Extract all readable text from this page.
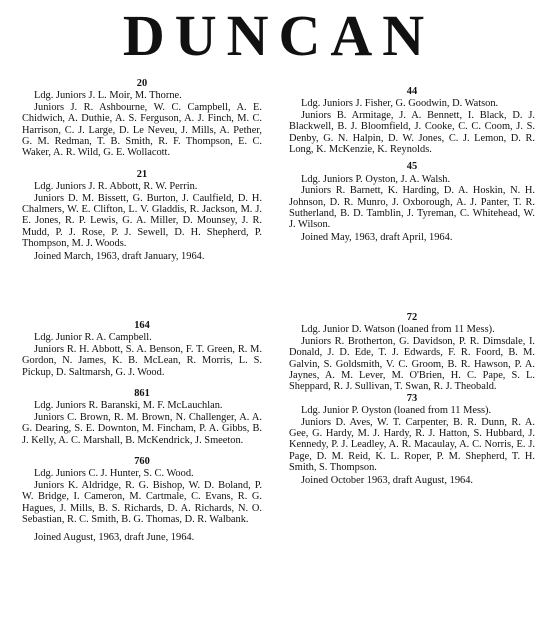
DUNCAN
20

Ldg. Juniors J. L. Moir, M. Thorne.

Juniors J. R. Ashbourne, W. C. Campbell, A. E. Chidwich, A. Duthie, A. S. Ferguson, A. J. Finch, M. C. Harrison, C. J. Large, D. Le Neveu, J. Mills, A. Pether, G. M. Redman, T. B. Smith, R. F. Thompson, E. C. Waker, A. R. Wild, G. E. Wollacott.

21

Ldg. Juniors J. R. Abbott, R. W. Perrin.

Juniors D. M. Bissett, G. Burton, J. Caulfield, D. H. Chalmers, W. E. Clifton, L. V. Gladdis, R. Jackson, M. J. E. Jones, R. P. Lewis, G. A. Miller, D. Mounsey, J. R. Mudd, P. J. Rose, P. J. Sewell, D. H. Shepherd, P. Thompson, M. J. Woods.

Joined March, 1963, draft January, 1964.

164

Ldg. Junior R. A. Campbell.

Juniors R. H. Abbott, S. A. Benson, F. T. Green, R. M. Gordon, N. James, K. B. McLean, R. Morris, L. S. Pickup, D. Saltmarsh, G. J. Wood.

861

Ldg. Juniors R. Baranski, M. F. McLauchlan.

Juniors C. Brown, R. M. Brown, N. Challenger, A. A. G. Dearing, S. E. Downton, M. Fincham, P. A. Gibbs, B. J. Kelly, A. C. Marshall, B. McKendrick, J. Smeeton.

760

Ldg. Juniors C. J. Hunter, S. C. Wood.

Juniors K. Aldridge, R. G. Bishop, W. D. Boland, P. W. Bridge, I. Cameron, M. Cartmale, C. Evans, R. G. Hagues, J. Mills, B. S. Richards, D. A. Richards, N. O. Sebastian, R. C. Smith, B. G. Thomas, D. R. Walbank.

Joined August, 1963, draft June, 1964.

44

Ldg. Juniors J. Fisher, G. Goodwin, D. Watson.

Juniors B. Armitage, J. A. Bennett, I. Black, D. J. Blackwell, B. J. Bloomfield, J. Cooke, C. C. Coom, J. S. Denby, G. N. Halpin, D. W. Jones, C. J. Lemon, D. R. Long, K. McKenzie, K. Reynolds.

45

Ldg. Juniors P. Oyston, J. A. Walsh.

Juniors R. Barnett, K. Harding, D. A. Hoskin, N. H. Johnson, D. R. Munro, J. Oxborough, A. J. Panter, T. R. Sutherland, B. D. Tamblin, J. Tyreman, C. Whitehead, W. J. Wilson.

Joined May, 1963, draft April, 1964.

72

Ldg. Junior D. Watson (loaned from 11 Mess).

Juniors R. Brotherton, G. Davidson, P. R. Dimsdale, I. Donald, J. D. Ede, T. J. Edwards, F. R. Foord, B. M. Galvin, S. Goldsmith, V. C. Groom, B. R. Hawson, P. A. Jaynes, A. M. Lever, M. O'Brien, H. C. Pape, S. L. Sheppard, R. J. Sullivan, T. Swan, R. J. Theobald.

73

Ldg. Junior P. Oyston (loaned from 11 Mess).

Juniors D. Aves, W. T. Carpenter, B. R. Dunn, R. A. Gee, G. Hardy, M. J. Hardy, R. J. Hatton, S. Hubbard, J. Kennedy, P. J. Leadley, A. R. Macaulay, A. C. Norris, E. J. Page, D. M. Reid, K. L. Roper, P. M. Shepherd, T. H. Smith, S. Thompson.

Joined October 1963, draft August, 1964.
